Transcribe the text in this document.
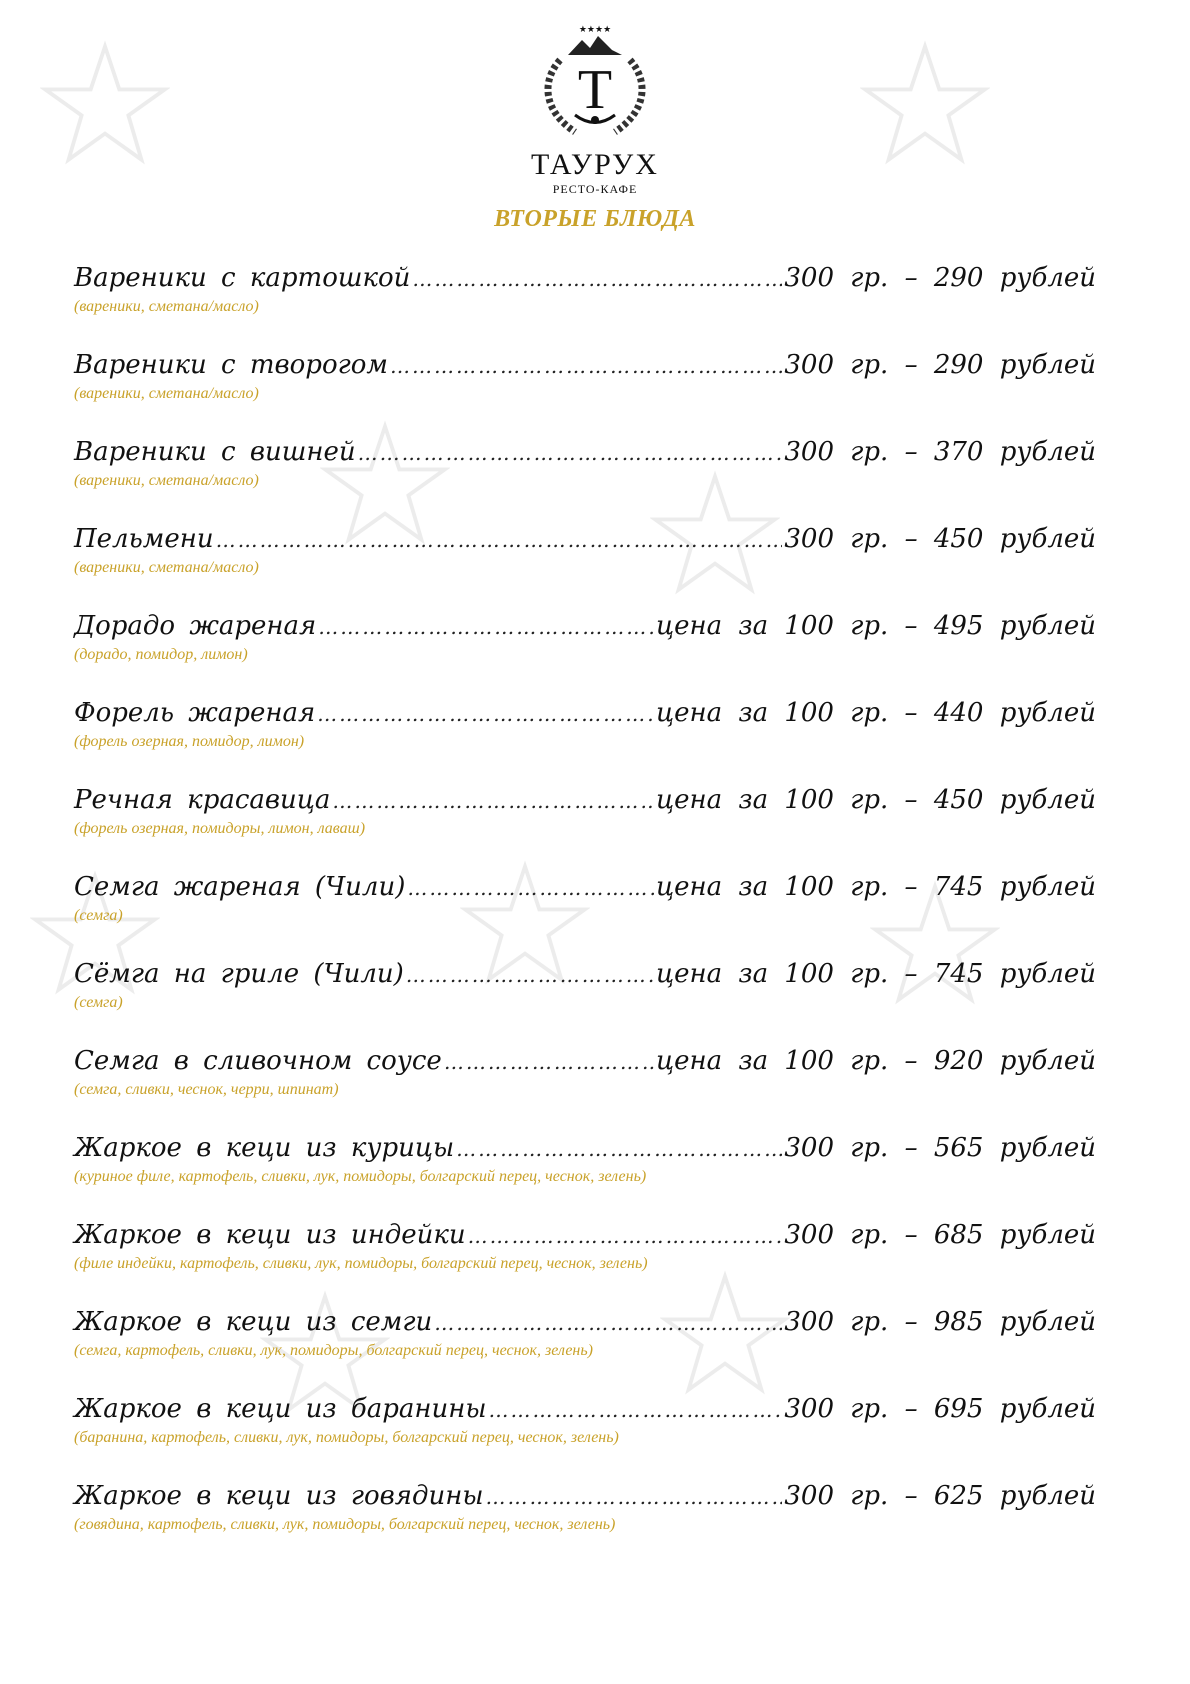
★★★★
T
ТАУРУХ
РЕСТО-КАФЕ
ВТОРЫЕ БЛЮДА
Вареники с картошкой …………………………………………………………………………………………………………………………………	300 гр. – 290 рублей
(вареники, сметана/масло)
Вареники с творогом …………………………………………………………………………………………………………………………………	300 гр. – 290 рублей
(вареники, сметана/масло)
Вареники с вишней …………………………………………………………………………………………………………………………………	300 гр. – 370 рублей
(вареники, сметана/масло)
Пельмени …………………………………………………………………………………………………………………………………	300 гр. – 450 рублей
(вареники, сметана/масло)
Дорадо жареная …………………………………………………………………………………………………………………………………	цена за 100 гр. – 495 рублей
(дорадо, помидор, лимон)
Форель жареная …………………………………………………………………………………………………………………………………	цена за 100 гр. – 440 рублей
(форель озерная, помидор, лимон)
Речная красавица …………………………………………………………………………………………………………………………………	цена за 100 гр. – 450 рублей
(форель озерная, помидоры, лимон, лаваш)
Семга жареная (Чили) …………………………………………………………………………………………………………………………………	цена за 100 гр. – 745 рублей
(семга)
Сёмга на гриле (Чили) …………………………………………………………………………………………………………………………………	цена за 100 гр. – 745 рублей
(семга)
Семга в сливочном соусе …………………………………………………………………………………………………………………………………	цена за 100 гр. – 920 рублей
(семга, сливки, чеснок, черри, шпинат)
Жаркое в кеци из курицы …………………………………………………………………………………………………………………………………	300 гр. – 565 рублей
(куриное филе, картофель, сливки, лук, помидоры, болгарский перец, чеснок, зелень)
Жаркое в кеци из индейки …………………………………………………………………………………………………………………………………	300 гр. – 685 рублей
(филе индейки, картофель, сливки, лук, помидоры, болгарский перец, чеснок, зелень)
Жаркое в кеци из семги …………………………………………………………………………………………………………………………………	300 гр. – 985 рублей
(семга, картофель, сливки, лук, помидоры, болгарский перец, чеснок, зелень)
Жаркое в кеци из баранины …………………………………………………………………………………………………………………………………	300 гр. – 695 рублей
(баранина, картофель, сливки, лук, помидоры, болгарский перец, чеснок, зелень)
Жаркое в кеци из говядины …………………………………………………………………………………………………………………………………	300 гр. – 625 рублей
(говядина, картофель, сливки, лук, помидоры, болгарский перец, чеснок, зелень)
